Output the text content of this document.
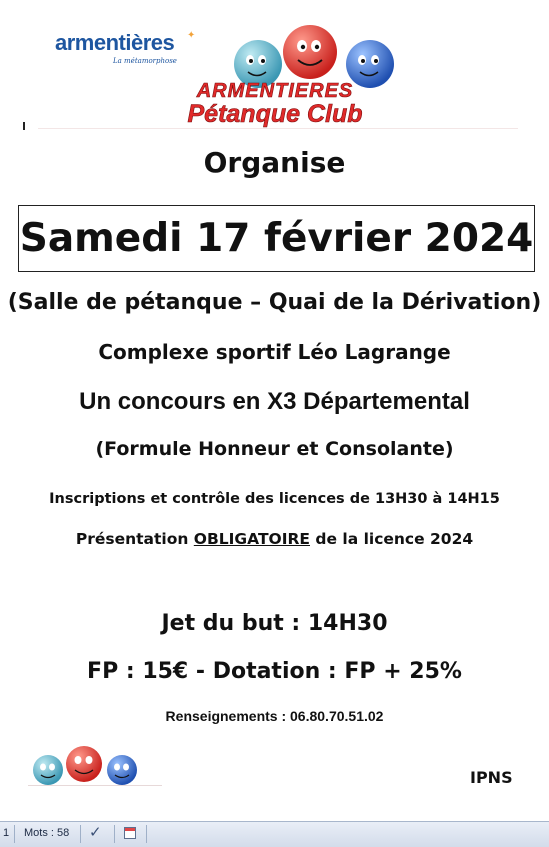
armentières ✦
La métamorphose
ARMENTIERES
Pétanque Club
Organise
Samedi 17 février 2024
(Salle de pétanque – Quai de la Dérivation)
Complexe sportif Léo Lagrange
Un concours en X3 Départemental
(Formule Honneur et Consolante)
Inscriptions et contrôle des licences de 13H30 à 14H15
Présentation OBLIGATOIRE de la licence 2024
Jet du but : 14H30
FP : 15€ - Dotation : FP + 25%
Renseignements : 06.80.70.51.02
IPNS
1 Mots : 58 ✓
